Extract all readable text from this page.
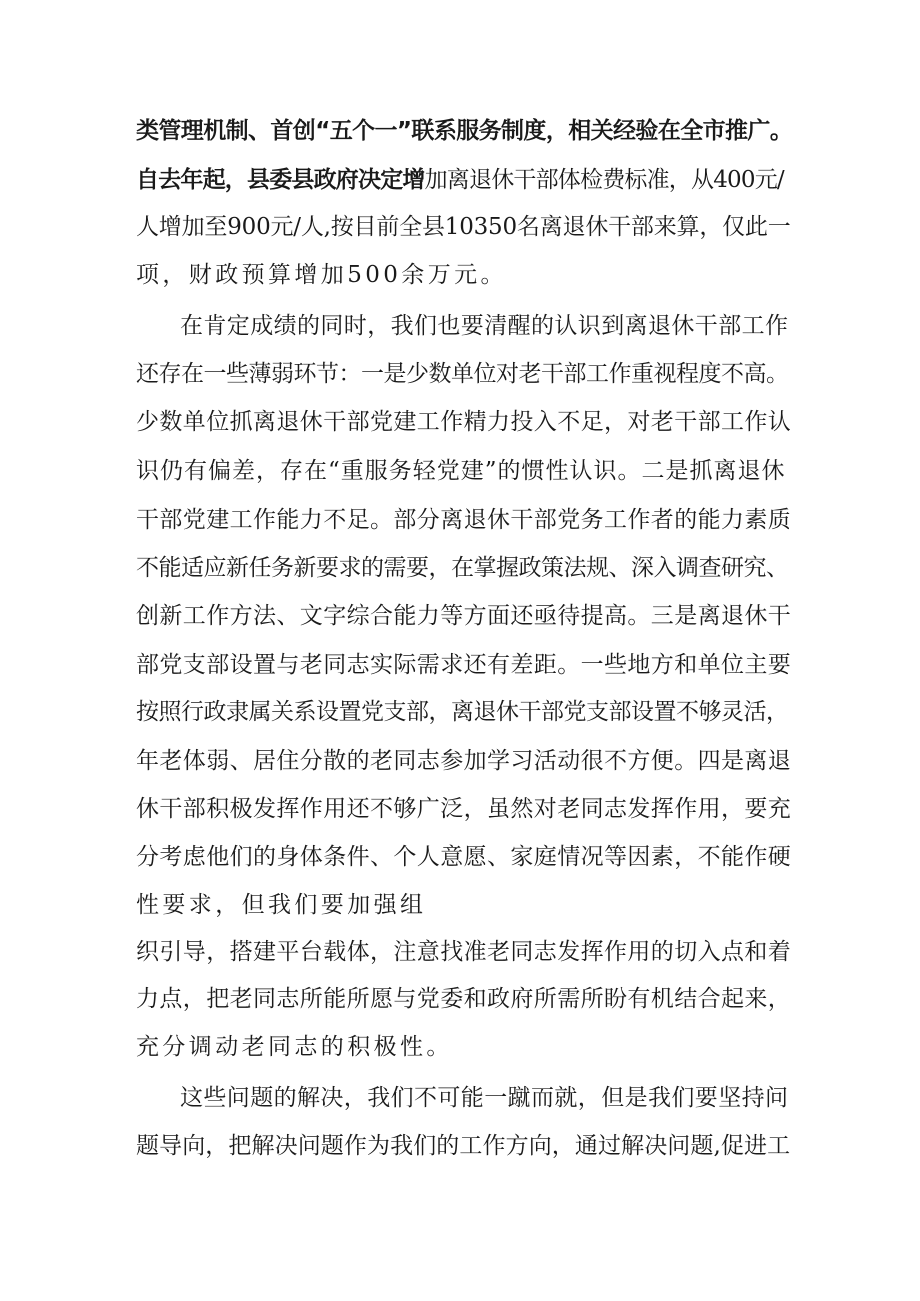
类管理机制、首创“五个一”联系服务制度，相关经验在全市推广。
自去年起，县委县政府决定增加离退休干部体检费标准，从400元/
人增加至900元/人,按目前全县10350名离退休干部来算，仅此一
项，财政预算增加500余万元。
在肯定成绩的同时，我们也要清醒的认识到离退休干部工作
还存在一些薄弱环节：一是少数单位对老干部工作重视程度不高。
少数单位抓离退休干部党建工作精力投入不足，对老干部工作认
识仍有偏差，存在“重服务轻党建”的惯性认识。二是抓离退休
干部党建工作能力不足。部分离退休干部党务工作者的能力素质
不能适应新任务新要求的需要，在掌握政策法规、深入调查研究、
创新工作方法、文字综合能力等方面还亟待提高。三是离退休干
部党支部设置与老同志实际需求还有差距。一些地方和单位主要
按照行政隶属关系设置党支部，离退休干部党支部设置不够灵活，
年老体弱、居住分散的老同志参加学习活动很不方便。四是离退
休干部积极发挥作用还不够广泛，虽然对老同志发挥作用，要充
分考虑他们的身体条件、个人意愿、家庭情况等因素，不能作硬
性要求，但我们要加强组
织引导，搭建平台载体，注意找准老同志发挥作用的切入点和着
力点，把老同志所能所愿与党委和政府所需所盼有机结合起来，
充分调动老同志的积极性。
这些问题的解决，我们不可能一蹴而就，但是我们要坚持问
题导向，把解决问题作为我们的工作方向，通过解决问题,促进工
